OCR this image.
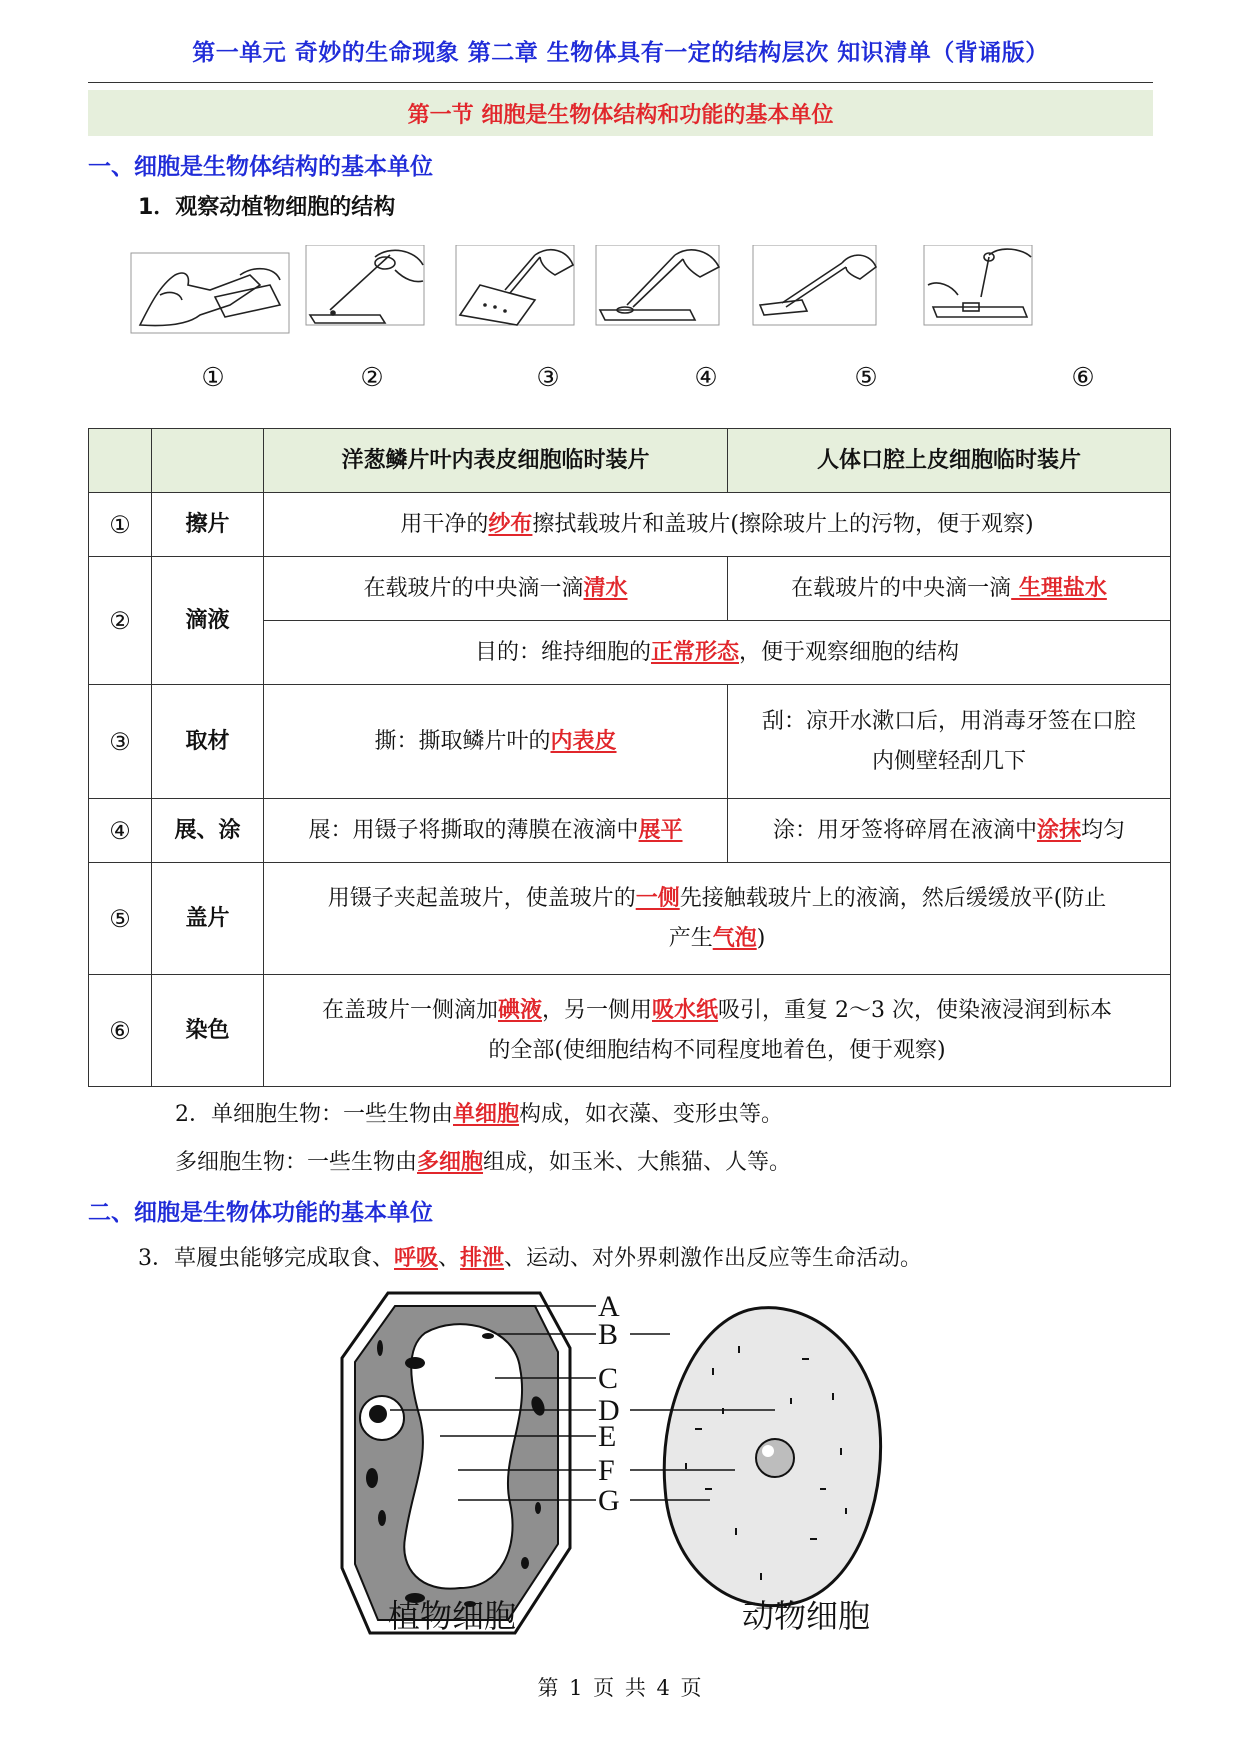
第一单元 奇妙的生命现象 第二章 生物体具有一定的结构层次 知识清单（背诵版）
第一节 细胞是生物体结构和功能的基本单位
一、细胞是生物体结构的基本单位
1．观察动植物细胞的结构
①	②	③	④	⑤	⑥
		洋葱鳞片叶内表皮细胞临时装片	人体口腔上皮细胞临时装片
①	擦片	用干净的纱布擦拭载玻片和盖玻片(擦除玻片上的污物，便于观察)	
②	滴液	在载玻片的中央滴一滴清水	在载玻片的中央滴一滴 生理盐水
		目的：维持细胞的正常形态，便于观察细胞的结构	
③	取材	撕：撕取鳞片叶的内表皮	刮：凉开水漱口后，用消毒牙签在口腔
内侧壁轻刮几下

④	展、涂	展：用镊子将撕取的薄膜在液滴中展平	涂：用牙签将碎屑在液滴中涂抹均匀
⑤	盖片	用镊子夹起盖玻片，使盖玻片的一侧先接触载玻片上的液滴，然后缓缓放平(防止
产生气泡)	

⑥	染色	在盖玻片一侧滴加碘液，另一侧用吸水纸吸引，重复 2～3 次，使染液浸润到标本
的全部(使细胞结构不同程度地着色，便于观察)	
2．单细胞生物：一些生物由单细胞构成，如衣藻、变形虫等。
多细胞生物：一些生物由多细胞组成，如玉米、大熊猫、人等。
二、细胞是生物体功能的基本单位
3．草履虫能够完成取食、呼吸、排泄、运动、对外界刺激作出反应等生命活动。
A
B
C
D
E
F
G
植物细胞	动物细胞
第 1 页 共 4 页
